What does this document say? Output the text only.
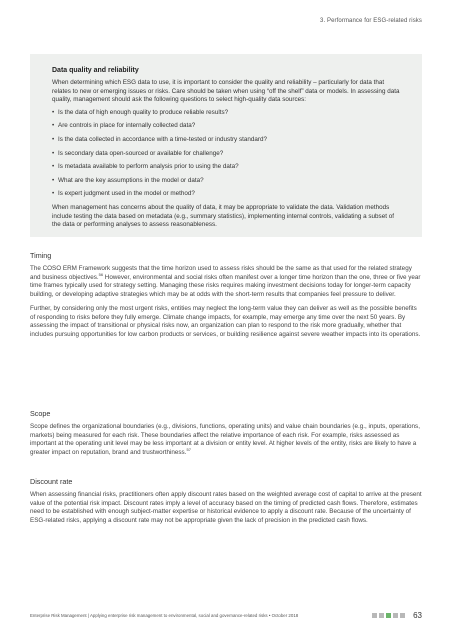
3. Performance for ESG-related risks
Data quality and reliability

When determining which ESG data to use, it is important to consider the quality and reliability – particularly for data that relates to new or emerging issues or risks. Care should be taken when using “off the shelf” data or models. In assessing data quality, management should ask the following questions to select high-quality data sources:

• Is the data of high enough quality to produce reliable results?
• Are controls in place for internally collected data?
• Is the data collected in accordance with a time-tested or industry standard?
• Is secondary data open-sourced or available for challenge?
• Is metadata available to perform analysis prior to using the data?
• What are the key assumptions in the model or data?
• Is expert judgment used in the model or method?

When management has concerns about the quality of data, it may be appropriate to validate the data. Validation methods include testing the data based on metadata (e.g., summary statistics), implementing internal controls, validating a subset of the data or performing analyses to assess reasonableness.

Timing

The COSO ERM Framework suggests that the time horizon used to assess risks should be the same as that used for the related strategy and business objectives.$^{56}$ However, environmental and social risks often manifest over a longer time horizon than the one, three or five year time frames typically used for strategy setting. Managing these risks requires making investment decisions today for longer-term capacity building, or developing adaptive strategies which may be at odds with the short-term results that companies feel pressure to deliver.

Further, by considering only the most urgent risks, entities may neglect the long-term value they can deliver as well as the possible benefits of responding to risks before they fully emerge. Climate change impacts, for example, may emerge any time over the next 50 years. By assessing the impact of transitional or physical risks now, an organization can plan to respond to the risk more gradually, whether that includes pursuing opportunities for low carbon products or services, or building resilience against severe weather impacts into its operations.

Scope

Scope defines the organizational boundaries (e.g., divisions, functions, operating units) and value chain boundaries (e.g., inputs, operations, markets) being measured for each risk. These boundaries affect the relative importance of each risk. For example, risks assessed as important at the operating unit level may be less important at a division or entity level. At higher levels of the entity, risks are likely to have a greater impact on reputation, brand and trustworthiness.$^{57}$

Discount rate

When assessing financial risks, practitioners often apply discount rates based on the weighted average cost of capital to arrive at the present value of the potential risk impact. Discount rates imply a level of accuracy based on the timing of predicted cash flows. Therefore, estimates need to be established with enough subject-matter expertise or historical evidence to apply a discount rate. Because of the uncertainty of ESG-related risks, applying a discount rate may not be appropriate given the lack of precision in the predicted cash flows.

Enterprise Risk Management | Applying enterprise risk management to environmental, social and governance-related risks • October 2018	63
